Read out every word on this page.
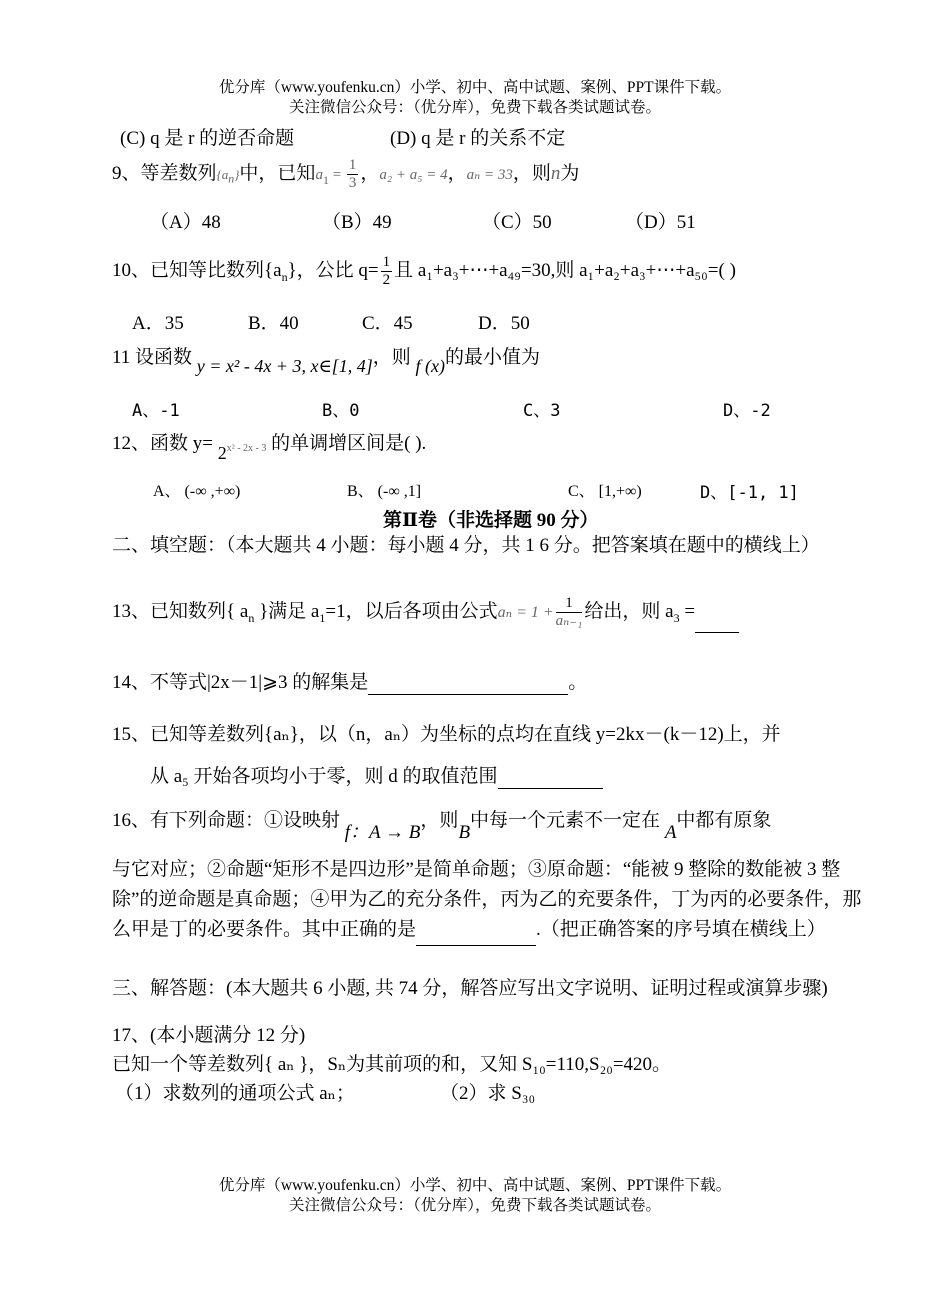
优分库（www.youfenku.cn）小学、初中、高中试题、案例、PPT课件下载。
关注微信公众号：（优分库），免费下载各类试题试卷。
(C) q 是 r 的逆否命题	(D) q 是 r 的关系不定
9、等差数列$\{a_n\}$中，已知$a_1 = \frac{1}{3}$ ，a₂ + a₅ = 4，aₙ = 33，则n为
（A）48	（B）49	（C）50	（D）51
10、已知等比数列$\{a_n\}$，公比 $q= \frac{1}{2}$ 且 a₁+a₃+⋯+a₄₉=30,则 a₁+a₂+a₃+⋯+a₅₀=( )
A．35	B．40	C．45	D．50
11 设函数 y = x² - 4x + 3, x∈[1, 4]，则 f (x)的最小值为
A、-1	B、0	C、3	D、-2
12、函数 y= 2x² - 2x - 3 的单调增区间是( ).
A、 (-∞ ,+∞)	B、 (-∞ ,1]	C、 [1,+∞)	D、[-1, 1]
第Ⅱ卷（非选择题 90 分）
二、填空题：（本大题共 4 小题：每小题 4 分，共 1 6 分。把答案填在题中的横线上）
13、已知数列{ $a_n$ }满足 $a_1=1$，以后各项由公式$a_n = 1 + \frac{1}{\text{aₙ₋₁}}$ 给出，则 $a_3$ =
14、不等式|2x－1|⩾3 的解集是	。
15、已知等差数列{aₙ}，以（n，aₙ）为坐标的点均在直线 y=2kx－(k－12)上，并
从 a₅ 开始各项均小于零，则 d 的取值范围
16、有下列命题：①设映射 f：A → B，则B中每一个元素不一定在 A中都有原象
与它对应；②命题“矩形不是四边形”是简单命题；③原命题：“能被 9 整除的数能被 3 整除”的逆命题是真命题；④甲为乙的充分条件，丙为乙的充要条件，丁为丙的必要条件，那么甲是丁的必要条件。其中正确的是	.（把正确答案的序号填在横线上）
三、解答题：(本大题共 6 小题, 共 74 分，解答应写出文字说明、证明过程或演算步骤)
17、(本小题满分 12 分)
已知一个等差数列{ aₙ }，Sₙ为其前项的和，又知 S₁₀=110,S₂₀=420。
（1）求数列的通项公式 aₙ；	（2）求 S₃₀
优分库（www.youfenku.cn）小学、初中、高中试题、案例、PPT课件下载。
关注微信公众号：（优分库），免费下载各类试题试卷。
